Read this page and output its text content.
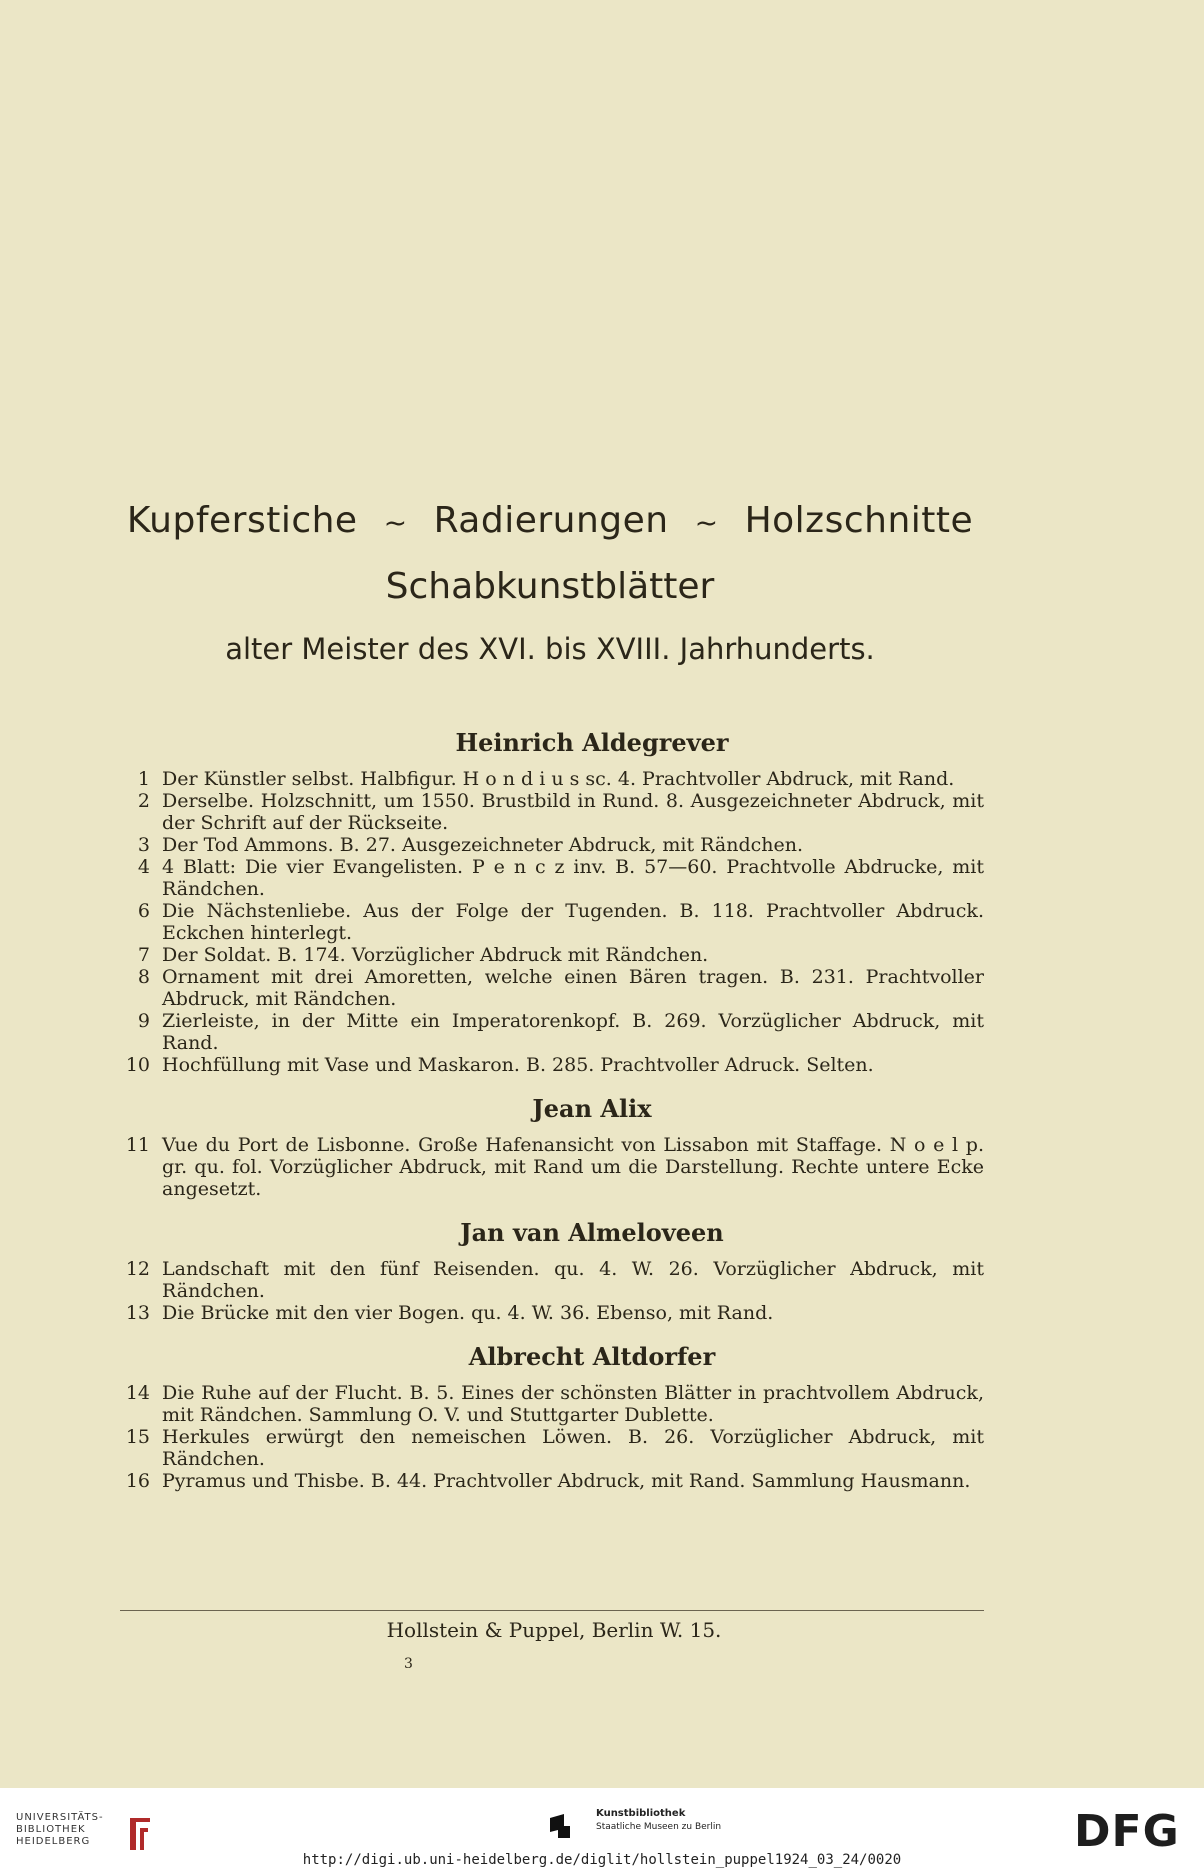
Kupferstiche ~ Radierungen ~ Holzschnitte
Schabkunstblätter
alter Meister des XVI. bis XVIII. Jahrhunderts.
Heinrich Aldegrever
1 Der Künstler selbst. Halbfigur. H o n d i u s sc. 4. Prachtvoller Abdruck, mit Rand.
2 Derselbe. Holzschnitt, um 1550. Brustbild in Rund. 8. Ausgezeichneter Abdruck, mit der Schrift auf der Rückseite.
3 Der Tod Ammons. B. 27. Ausgezeichneter Abdruck, mit Rändchen.
4 4 Blatt: Die vier Evangelisten. P e n c z inv. B. 57—60. Prachtvolle Abdrucke, mit Rändchen.
6 Die Nächstenliebe. Aus der Folge der Tugenden. B. 118. Prachtvoller Abdruck. Eckchen hinterlegt.
7 Der Soldat. B. 174. Vorzüglicher Abdruck mit Rändchen.
8 Ornament mit drei Amoretten, welche einen Bären tragen. B. 231. Prachtvoller Abdruck, mit Rändchen.
9 Zierleiste, in der Mitte ein Imperatorenkopf. B. 269. Vorzüglicher Abdruck, mit Rand.
10 Hochfüllung mit Vase und Maskaron. B. 285. Prachtvoller Adruck. Selten.
Jean Alix
11 Vue du Port de Lisbonne. Große Hafenansicht von Lissabon mit Staffage. N o e l p. gr. qu. fol. Vorzüglicher Abdruck, mit Rand um die Darstellung. Rechte untere Ecke angesetzt.
Jan van Almeloveen
12 Landschaft mit den fünf Reisenden. qu. 4. W. 26. Vorzüglicher Abdruck, mit Rändchen.
13 Die Brücke mit den vier Bogen. qu. 4. W. 36. Ebenso, mit Rand.
Albrecht Altdorfer
14 Die Ruhe auf der Flucht. B. 5. Eines der schönsten Blätter in prachtvollem Abdruck, mit Rändchen. Sammlung O. V. und Stuttgarter Dublette.
15 Herkules erwürgt den nemeischen Löwen. B. 26. Vorzüglicher Abdruck, mit Rändchen.
16 Pyramus und Thisbe. B. 44. Prachtvoller Abdruck, mit Rand. Sammlung Hausmann.
Hollstein & Puppel, Berlin W. 15.
3
UNIVERSITÄTS-
BIBLIOTHEK
HEIDELBERG
Kunstbibliothek
Staatliche Museen zu Berlin	DFG
http://digi.ub.uni-heidelberg.de/diglit/hollstein_puppel1924_03_24/0020
